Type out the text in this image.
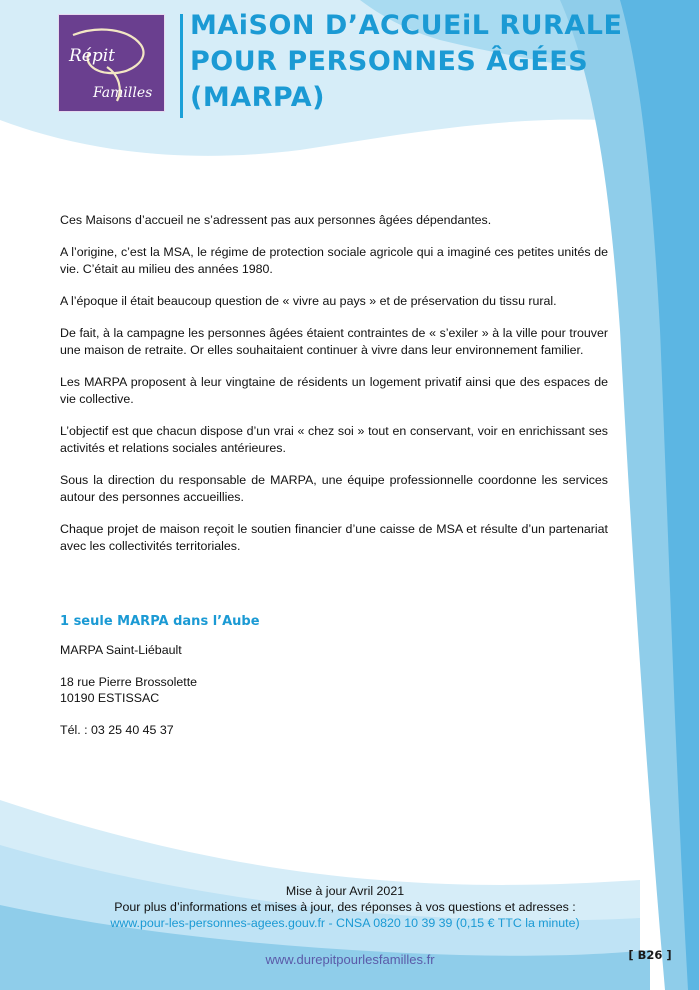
Répit
Familles
MAiSON D’ACCUEiL RURALE
POUR PERSONNES ÂGÉES
(MARPA)

Ces Maisons d’accueil ne s’adressent pas aux personnes âgées dépendantes.

A l’origine, c’est la MSA, le régime de protection sociale agricole qui a imaginé ces petites unités de vie. C’était au milieu des années 1980.

A l’époque il était beaucoup question de « vivre au pays » et de préservation du tissu rural.

De fait, à la campagne les personnes âgées étaient contraintes de « s’exiler » à la ville pour trouver une maison de retraite. Or elles souhaitaient continuer à vivre dans leur environnement familier.

Les MARPA proposent à leur vingtaine de résidents un logement privatif ainsi que des espaces de vie collective.

L’objectif est que chacun dispose d’un vrai « chez soi » tout en conservant, voir en enrichissant ses activités et relations sociales antérieures.

Sous la direction du responsable de MARPA, une équipe professionnelle coordonne les services autour des personnes accueillies.

Chaque projet de maison reçoit le soutien financier d’une caisse de MSA et résulte d’un partenariat avec les collectivités territoriales.

1 seule MARPA dans l’Aube
MARPA Saint-Liébault
18 rue Pierre Brossolette
10190 ESTISSAC
Tél. : 03 25 40 45 37
Mise à jour Avril 2021
Pour plus d’informations et mises à jour, des réponses à vos questions et adresses :
www.pour-les-personnes-agees.gouv.fr - CNSA 0820 10 39 39 (0,15 € TTC la minute)
www.durepitpourlesfamilles.fr	[ B26 ]
